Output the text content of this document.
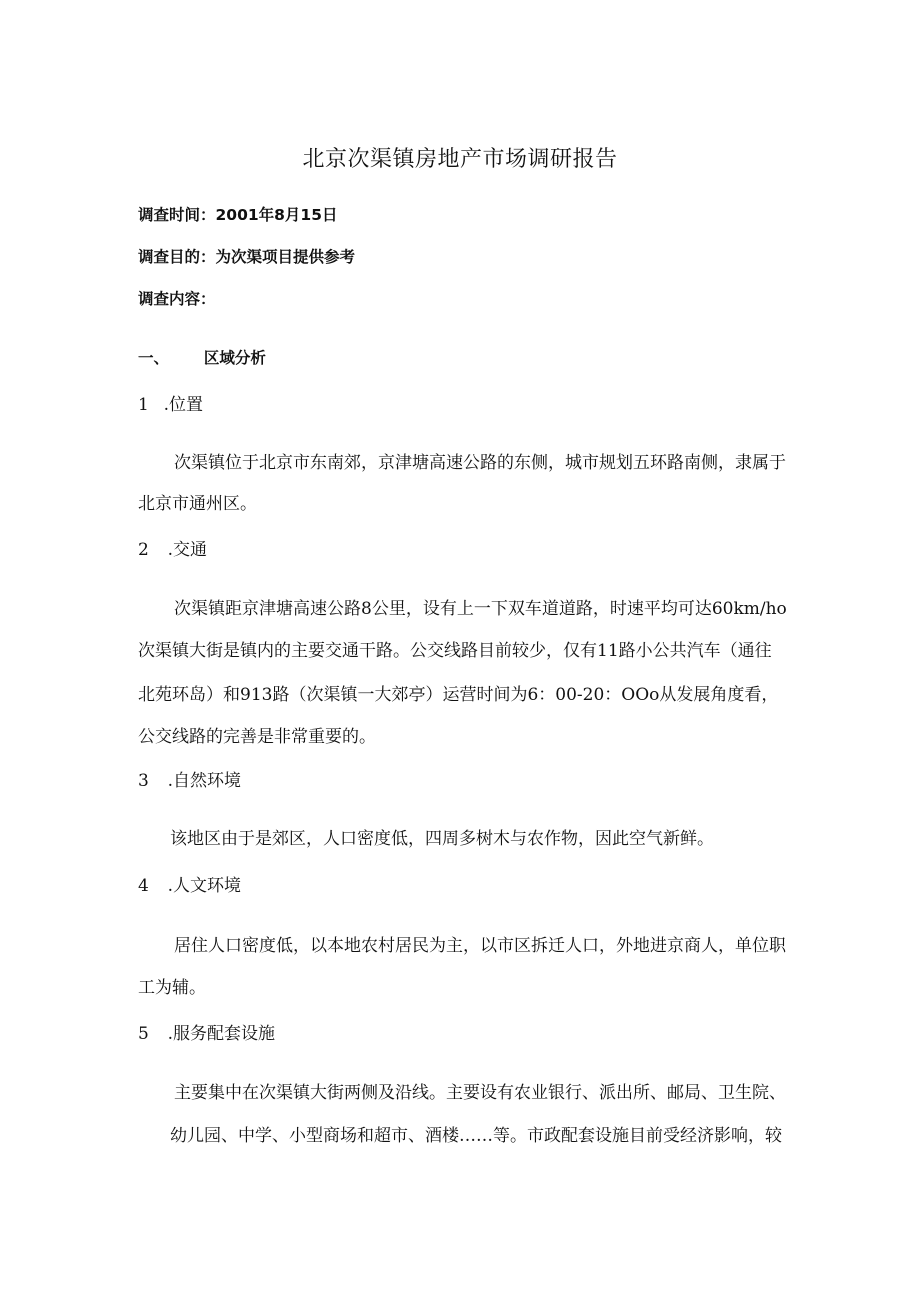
北京次渠镇房地产市场调研报告
调查时间：2001年8月15日
调查目的：为次渠项目提供参考
调查内容：
一、 区域分析
1 .位置
次渠镇位于北京市东南郊，京津塘高速公路的东侧，城市规划五环路南侧，隶属于
北京市通州区。
2 .交通
次渠镇距京津塘高速公路8公里，设有上一下双车道道路，时速平均可达60km∕ho
次渠镇大街是镇内的主要交通干路。公交线路目前较少，仅有11路小公共汽车（通往
北苑环岛）和913路（次渠镇一大郊亭）运营时间为6：00-20：OOo从发展角度看，
公交线路的完善是非常重要的。
3 .自然环境
该地区由于是郊区，人口密度低，四周多树木与农作物，因此空气新鲜。
4 .人文环境
居住人口密度低，以本地农村居民为主，以市区拆迁人口，外地进京商人，单位职
工为辅。
5 .服务配套设施
主要集中在次渠镇大街两侧及沿线。主要设有农业银行、派出所、邮局、卫生院、
幼儿园、中学、小型商场和超市、酒楼……等。市政配套设施目前受经济影响，较
